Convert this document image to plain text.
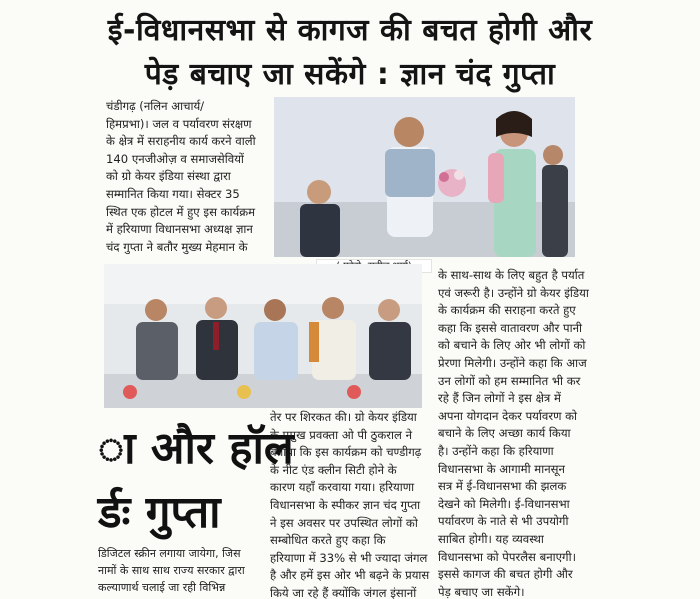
ई-विधानसभा से कागज की बचत होगी और
पेड़ बचाए जा सकेंगे : ज्ञान चंद गुप्ता

चंडीगढ़ (नलिन आचार्य/

हिमप्रभा)। जल व पर्यावरण संरक्षण

के क्षेत्र में सराहनीय कार्य करने वाली

140 एनजीओज़ व समाजसेवियों

को ग्रो केयर इंडिया संस्था द्वारा

सम्मानित किया गया। सेक्टर 35

स्थित एक होटल में हुए इस कार्यक्रम

में हरियाणा विधानसभा अध्यक्ष ज्ञान

चंद गुप्ता ने बतौर मुख्य मेहमान के

तेर पर शिरकत की। ग्रो केयर इंडिया

के प्रमुख प्रवक्ता ओ पी ठुकराल ने

बताया कि इस कार्यक्रम को चण्डीगढ़

के नीट एंड क्लीन सिटी होने के

कारण यहाँ करवाया गया। हरियाणा

विधानसभा के स्पीकर ज्ञान चंद गुप्ता

ने इस अवसर पर उपस्थित लोगों को

सम्बोधित करते हुए कहा कि

हरियाणा में 33% से भी ज्यादा जंगल

है और हमें इस ओर भी बढ़ने के प्रयास

किये जा रहे हैं क्योंकि जंगल इंसानों

के साथ-साथ के लिए बहुत है पर्यात

एवं जरूरी है। उन्होंने ग्रो केयर इंडिया

के कार्यक्रम की सराहना करते हुए

कहा कि इससे वातावरण और पानी

को बचाने के लिए ओर भी लोगों को

प्रेरणा मिलेगी। उन्होंने कहा कि आज

उन लोगों को हम सम्मानित भी कर

रहे हैं जिन लोगों ने इस क्षेत्र में

अपना योगदान देकर पर्यावरण को

बचाने के लिए अच्छा कार्य किया

है। उन्होंने कहा कि हरियाणा

विधानसभा के आगामी मानसून

सत्र में ई-विधानसभा की झलक

देखने को मिलेगी। ई-विधानसभा

पर्यावरण के नाते से भी उपयोगी

साबित होगी। यह व्यवस्था

विधानसभा को पेपरलैस बनाएगी।

इससे कागज की बचत होगी और

पेड़ बचाए जा सकेंगे।

ा और हॉल
र्डः गुप्ता

डिजिटल स्क्रीन लगाया जायेगा, जिस

नामों के साथ साथ राज्य सरकार द्वारा

कल्याणार्थ चलाई जा रही विभिन्न
